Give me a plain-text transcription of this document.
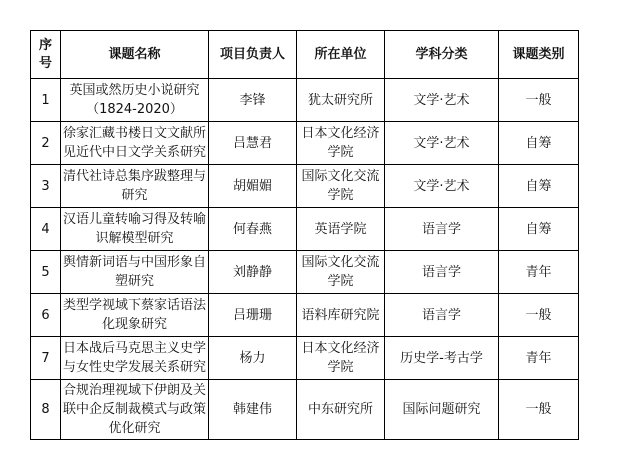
序号	课题名称	项目负责人	所在单位	学科分类	课题类别
1	英国或然历史小说研究（1824-2020）	李锋	犹太研究所	文学·艺术	一般
2	徐家汇藏书楼日文文献所见近代中日文学关系研究	吕慧君	日本文化经济学院	文学·艺术	自筹
3	清代社诗总集序跋整理与研究	胡媚媚	国际文化交流学院	文学·艺术	自筹
4	汉语儿童转喻习得及转喻识解模型研究	何春燕	英语学院	语言学	自筹
5	舆情新词语与中国形象自塑研究	刘静静	国际文化交流学院	语言学	青年
6	类型学视域下蔡家话语法化现象研究	吕珊珊	语料库研究院	语言学	一般
7	日本战后马克思主义史学与女性史学发展关系研究	杨力	日本文化经济学院	历史学-考古学	青年
8	合规治理视域下伊朗及关联中企反制裁模式与政策优化研究	韩建伟	中东研究所	国际问题研究	一般
